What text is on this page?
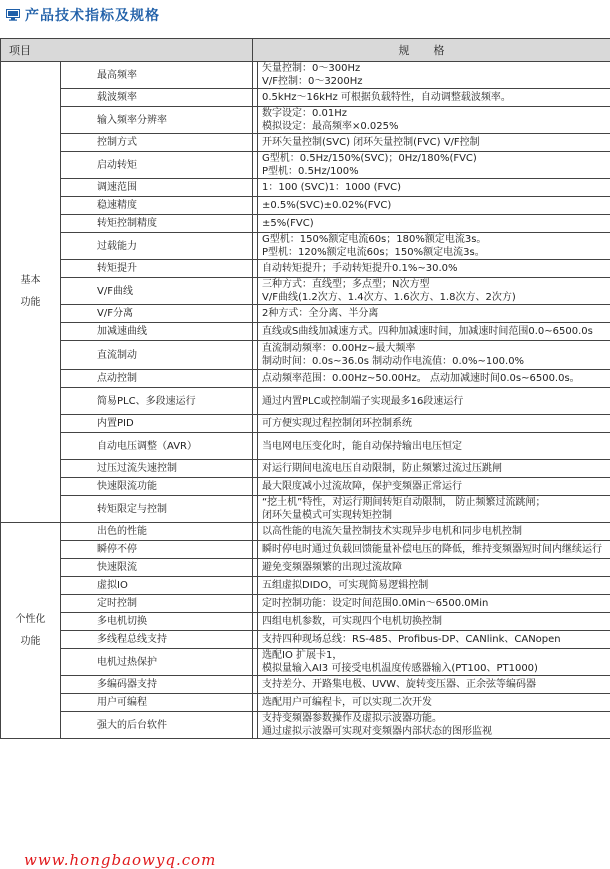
产品技术指标及规格
项目		规格	

基本
功能	最高频率		矢量控制：0～300Hz
V/F控制：0～3200Hz

	载波频率		0.5kHz～16kHz 可根据负载特性，自动调整载波频率。

	输入频率分辨率		数字设定：0.01Hz
模拟设定：最高频率×0.025%

	控制方式		开环矢量控制(SVC) 闭环矢量控制(FVC) V/F控制

	启动转矩		G型机：0.5Hz/150%(SVC)；0Hz/180%(FVC)
P型机：0.5Hz/100%

	调速范围		1：100 (SVC)1：1000 (FVC)

	稳速精度		±0.5%(SVC)±0.02%(FVC)

	转矩控制精度		±5%(FVC)

	过载能力		G型机：150%额定电流60s；180%额定电流3s。
P型机：120%额定电流60s；150%额定电流3s。

	转矩提升		自动转矩提升；手动转矩提升0.1%~30.0%

	V/F曲线		三种方式：直线型；多点型；N次方型
V/F曲线(1.2次方、1.4次方、1.6次方、1.8次方、2次方)

	V/F分离		2种方式：全分离、半分离

	加减速曲线		直线或S曲线加减速方式。四种加减速时间，加减速时间范围0.0~6500.0s

	直流制动		直流制动频率：0.00Hz~最大频率
制动时间：0.0s~36.0s 制动动作电流值：0.0%~100.0%

	点动控制		点动频率范围：0.00Hz~50.00Hz。 点动加减速时间0.0s~6500.0s。

	简易PLC、多段速运行		通过内置PLC或控制端子实现最多16段速运行

	内置PID		可方便实现过程控制闭环控制系统

	自动电压调整（AVR）		当电网电压变化时，能自动保持输出电压恒定

	过压过流失速控制		对运行期间电流电压自动限制，防止频繁过流过压跳闸

	快速限流功能		最大限度减小过流故障，保护变频器正常运行

	转矩限定与控制		“挖土机”特性，对运行期间转矩自动限制， 防止频繁过流跳闸；
闭环矢量模式可实现转矩控制

个性化
功能	出色的性能		以高性能的电流矢量控制技术实现异步电机和同步电机控制

	瞬停不停		瞬时停电时通过负载回馈能量补偿电压的降低，维持变频器短时间内继续运行

	快速限流		避免变频器频繁的出现过流故障

	虚拟IO		五组虚拟DIDO，可实现简易逻辑控制

	定时控制		定时控制功能：设定时间范围0.0Min～6500.0Min

	多电机切换		四组电机参数，可实现四个电机切换控制

	多线程总线支持		支持四种现场总线：RS-485、Profibus-DP、CANlink、CANopen

	电机过热保护		选配IO 扩展卡1，
模拟量输入AI3 可接受电机温度传感器输入(PT100、PT1000)

	多编码器支持		支持差分、开路集电极、UVW、旋转变压器、正余弦等编码器

	用户可编程		选配用户可编程卡，可以实现二次开发

	强大的后台软件		支持变频器参数操作及虚拟示波器功能。
通过虚拟示波器可实现对变频器内部状态的图形监视
www.hongbaowyq.com
